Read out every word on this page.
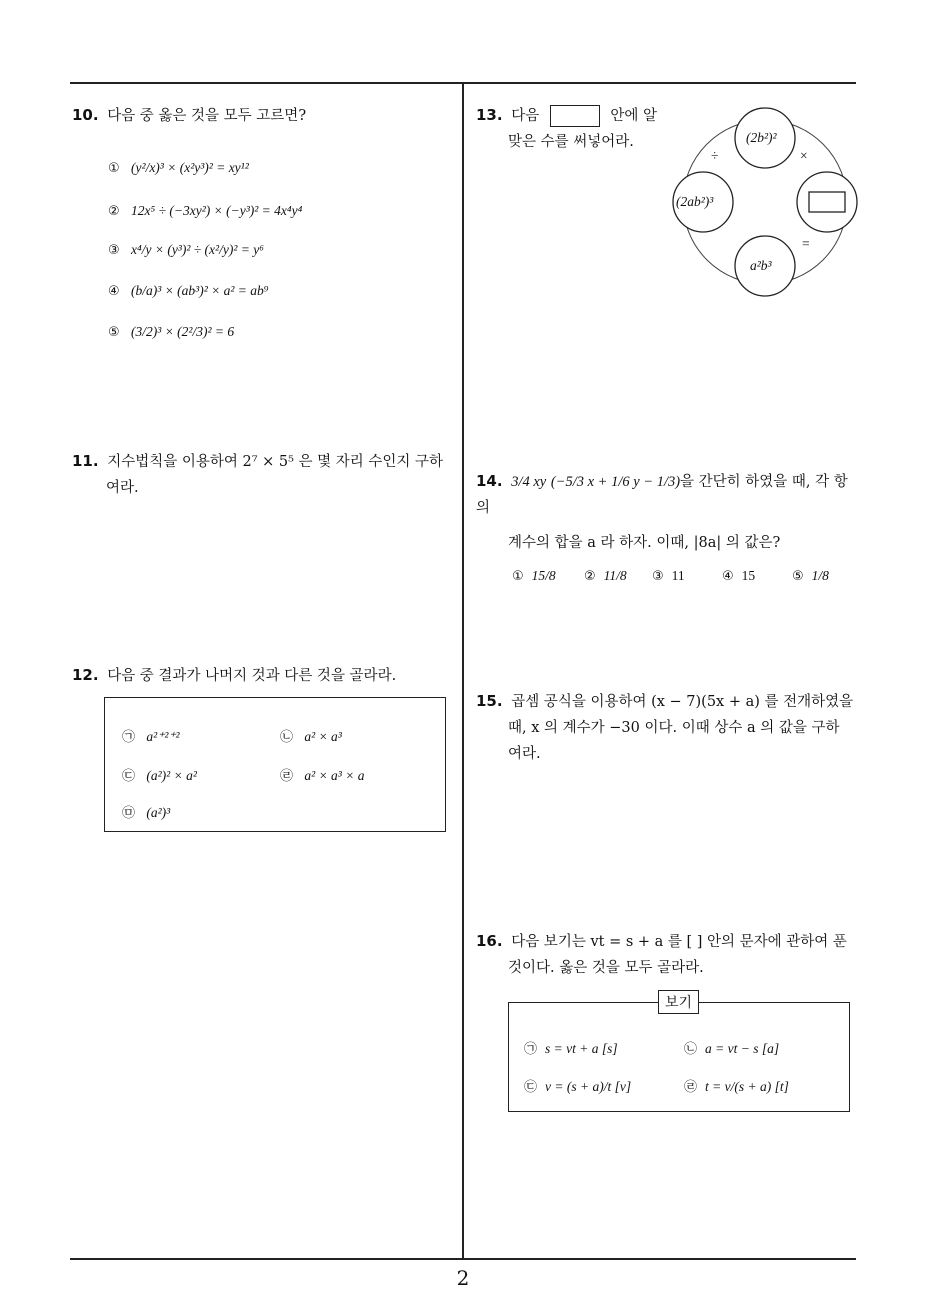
10. 다음 중 옳은 것을 모두 고르면?
① (y²/x)³ × (x²y³)² = xy¹²
② 12x⁵ ÷ (−3xy²) × (−y³)² = 4x⁴y⁴
③ x⁴/y × (y³)² ÷ (x²/y)² = y⁶
④ (b/a)³ × (ab³)² × a² = ab⁹
⑤ (3/2)³ × (2²/3)² = 6
11. 지수법칙을 이용하여 2⁷ × 5⁵ 은 몇 자리 수인지 구하
여라.
12. 다음 중 결과가 나머지 것과 다른 것을 골라라.
㉠ a²⁺²⁺²	㉡ a² × a³
㉢ (a²)² × a²	㉣ a² × a³ × a
㉤ (a²)³
13. 다음	안에 알
맞은 수를 써넣어라.	(2b²)²
(2ab²)³
a²b³
÷	×
=
14. 3/4 xy (−5/3 x + 1/6 y − 1/3)을 간단히 하였을 때, 각 항의
계수의 합을 a 라 하자. 이때, |8a| 의 값은?
① 15/8 ② 11/8 ③ 11	④ 15	⑤ 1/8
15. 곱셈 공식을 이용하여 (x − 7)(5x + a) 를 전개하였을
때, x 의 계수가 −30 이다. 이때 상수 a 의 값을 구하
여라.
16. 다음 보기는 vt = s + a 를 [ ] 안의 문자에 관하여 푼
것이다. 옳은 것을 모두 골라라.
보기
㉠ s = vt + a [s]	㉡ a = vt − s [a]
㉢ v = (s + a)/t [v]	㉣ t = v/(s + a) [t]
2
